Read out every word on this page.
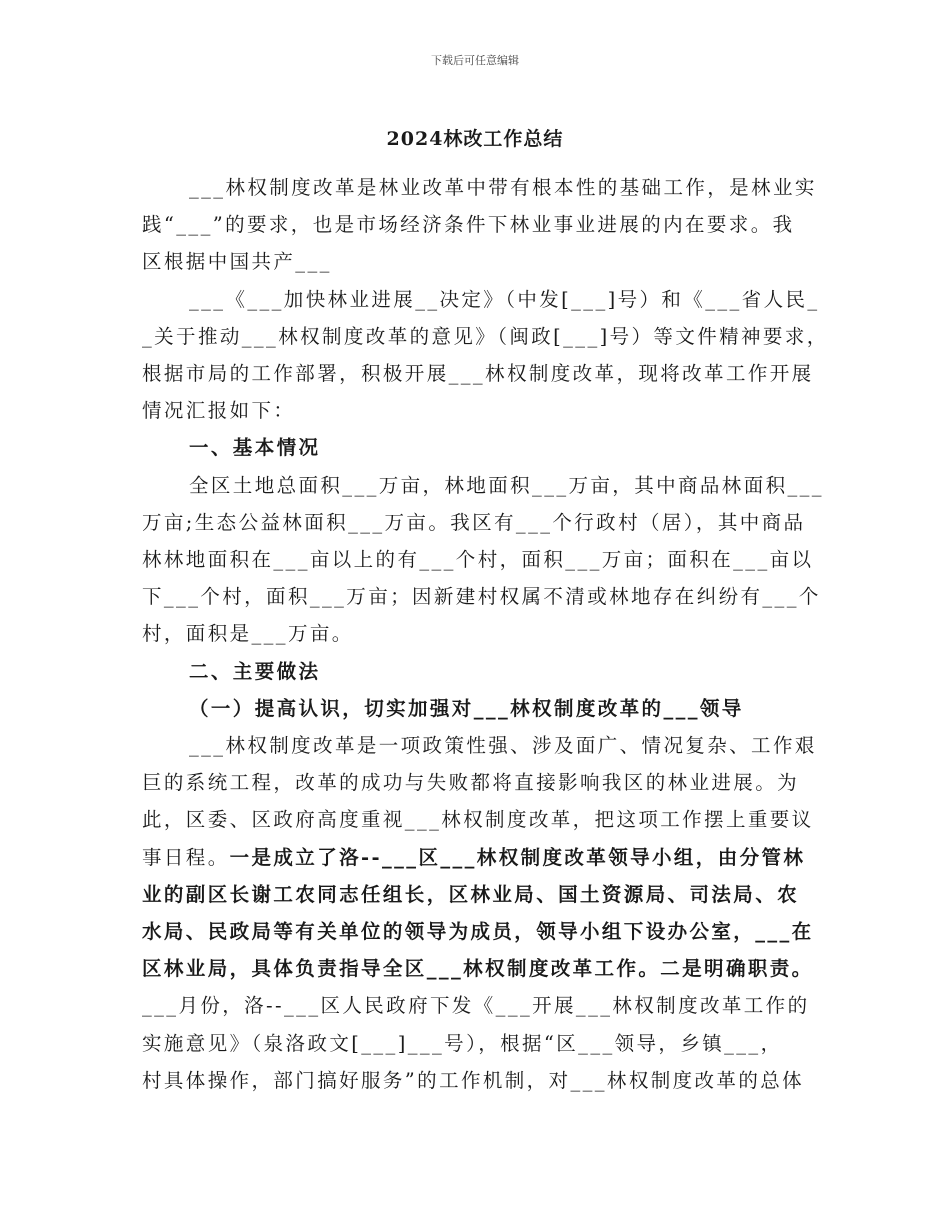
下载后可任意编辑
2024林改工作总结
___林权制度改革是林业改革中带有根本性的基础工作，是林业实
践“___”的要求，也是市场经济条件下林业事业进展的内在要求。我
区根据中国共产___
___《___加快林业进展__决定》（中发[___]号）和《___省人民_
_关于推动___林权制度改革的意见》（闽政[___]号）等文件精神要求，
根据市局的工作部署，积极开展___林权制度改革，现将改革工作开展
情况汇报如下：
一、基本情况
全区土地总面积___万亩，林地面积___万亩，其中商品林面积___
万亩;生态公益林面积___万亩。我区有___个行政村（居），其中商品
林林地面积在___亩以上的有___个村，面积___万亩；面积在___亩以
下___个村，面积___万亩；因新建村权属不清或林地存在纠纷有___个
村，面积是___万亩。
二、主要做法
（一）提高认识，切实加强对___林权制度改革的___领导
___林权制度改革是一项政策性强、涉及面广、情况复杂、工作艰
巨的系统工程，改革的成功与失败都将直接影响我区的林业进展。为
此，区委、区政府高度重视___林权制度改革，把这项工作摆上重要议
事日程。一是成立了洛--___区___林权制度改革领导小组，由分管林
业的副区长谢工农同志任组长，区林业局、国土资源局、司法局、农
水局、民政局等有关单位的领导为成员，领导小组下设办公室，___在
区林业局，具体负责指导全区___林权制度改革工作。二是明确职责。
___月份，洛--___区人民政府下发《___开展___林权制度改革工作的
实施意见》（泉洛政文[___]___号），根据“区___领导，乡镇___，
村具体操作，部门搞好服务”的工作机制，对___林权制度改革的总体
